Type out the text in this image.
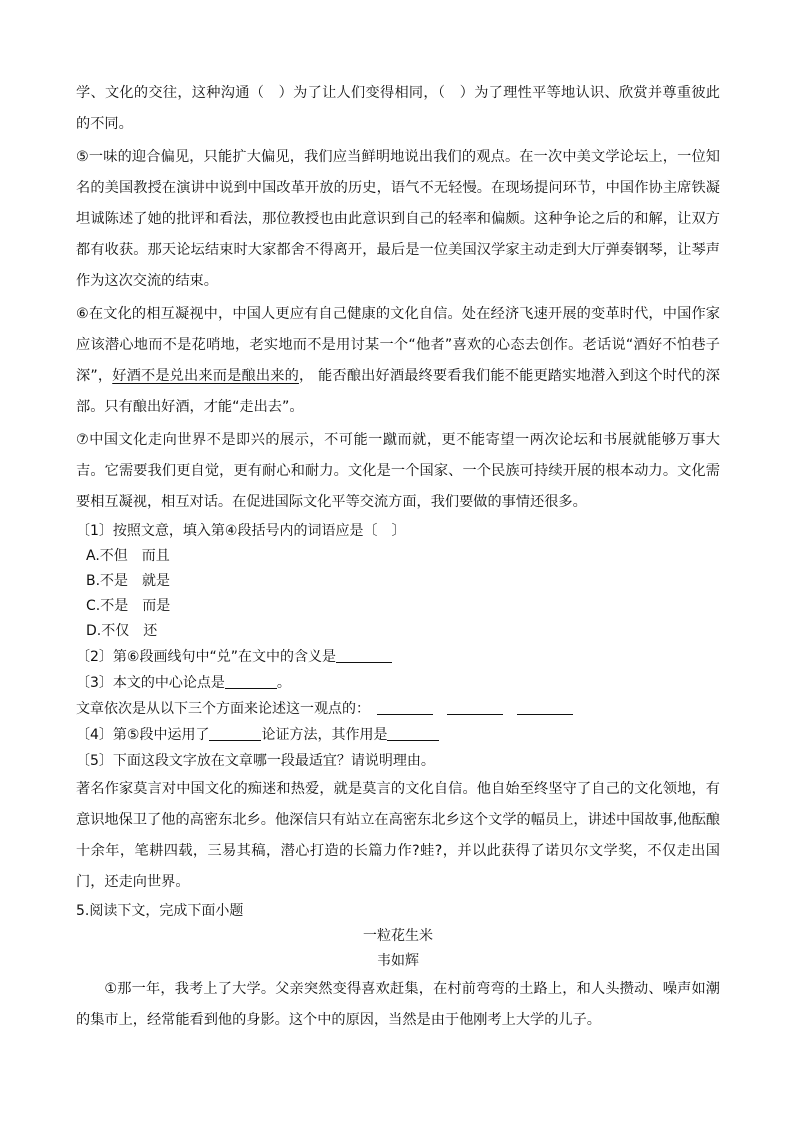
学、文化的交往，这种沟通（　）为了让人们变得相同，（　）为了理性平等地认识、欣赏并尊重彼此的不同。

⑤一味的迎合偏见，只能扩大偏见，我们应当鲜明地说出我们的观点。在一次中美文学论坛上，一位知名的美国教授在演讲中说到中国改革开放的历史，语气不无轻慢。在现场提问环节，中国作协主席铁凝坦诚陈述了她的批评和看法，那位教授也由此意识到自己的轻率和偏颇。这种争论之后的和解，让双方都有收获。那天论坛结束时大家都舍不得离开，最后是一位美国汉学家主动走到大厅弹奏钢琴，让琴声作为这次交流的结束。

⑥在文化的相互凝视中，中国人更应有自己健康的文化自信。处在经济飞速开展的变革时代，中国作家应该潜心地而不是花哨地，老实地而不是用讨某一个“他者”喜欢的心态去创作。老话说“酒好不怕巷子深”，好酒不是兑出来而是酿出来的， 能否酿出好酒最终要看我们能不能更踏实地潜入到这个时代的深部。只有酿出好酒，才能“走出去”。

⑦中国文化走向世界不是即兴的展示，不可能一蹴而就，更不能寄望一两次论坛和书展就能够万事大吉。它需要我们更自觉，更有耐心和耐力。文化是一个国家、一个民族可持续开展的根本动力。文化需要相互凝视，相互对话。在促进国际文化平等交流方面，我们要做的事情还很多。

〔1〕按照文意，填入第④段括号内的词语应是〔　〕

A.不但　而且

B.不是　就是

C.不是　而是

D.不仅　还

〔2〕第⑥段画线句中“兑”在文中的含义是

〔3〕本文的中心论点是	。

文章依次是从以下三个方面来论述这一观点的：　　　

〔4〕第⑤段中运用了	论证方法，其作用是

〔5〕下面这段文字放在文章哪一段最适宜？请说明理由。

著名作家莫言对中国文化的痴迷和热爱，就是莫言的文化自信。他自始至终坚守了自己的文化领地，有意识地保卫了他的高密东北乡。他深信只有站立在高密东北乡这个文学的幅员上，讲述中国故事,他酝酿十余年，笔耕四载，三易其稿，潜心打造的长篇力作?蛙?，并以此获得了诺贝尔文学奖，不仅走出国门，还走向世界。

5.阅读下文，完成下面小题

一粒花生米

韦如辉

①那一年，我考上了大学。父亲突然变得喜欢赶集，在村前弯弯的土路上，和人头攒动、噪声如潮的集市上，经常能看到他的身影。这个中的原因，当然是由于他刚考上大学的儿子。
